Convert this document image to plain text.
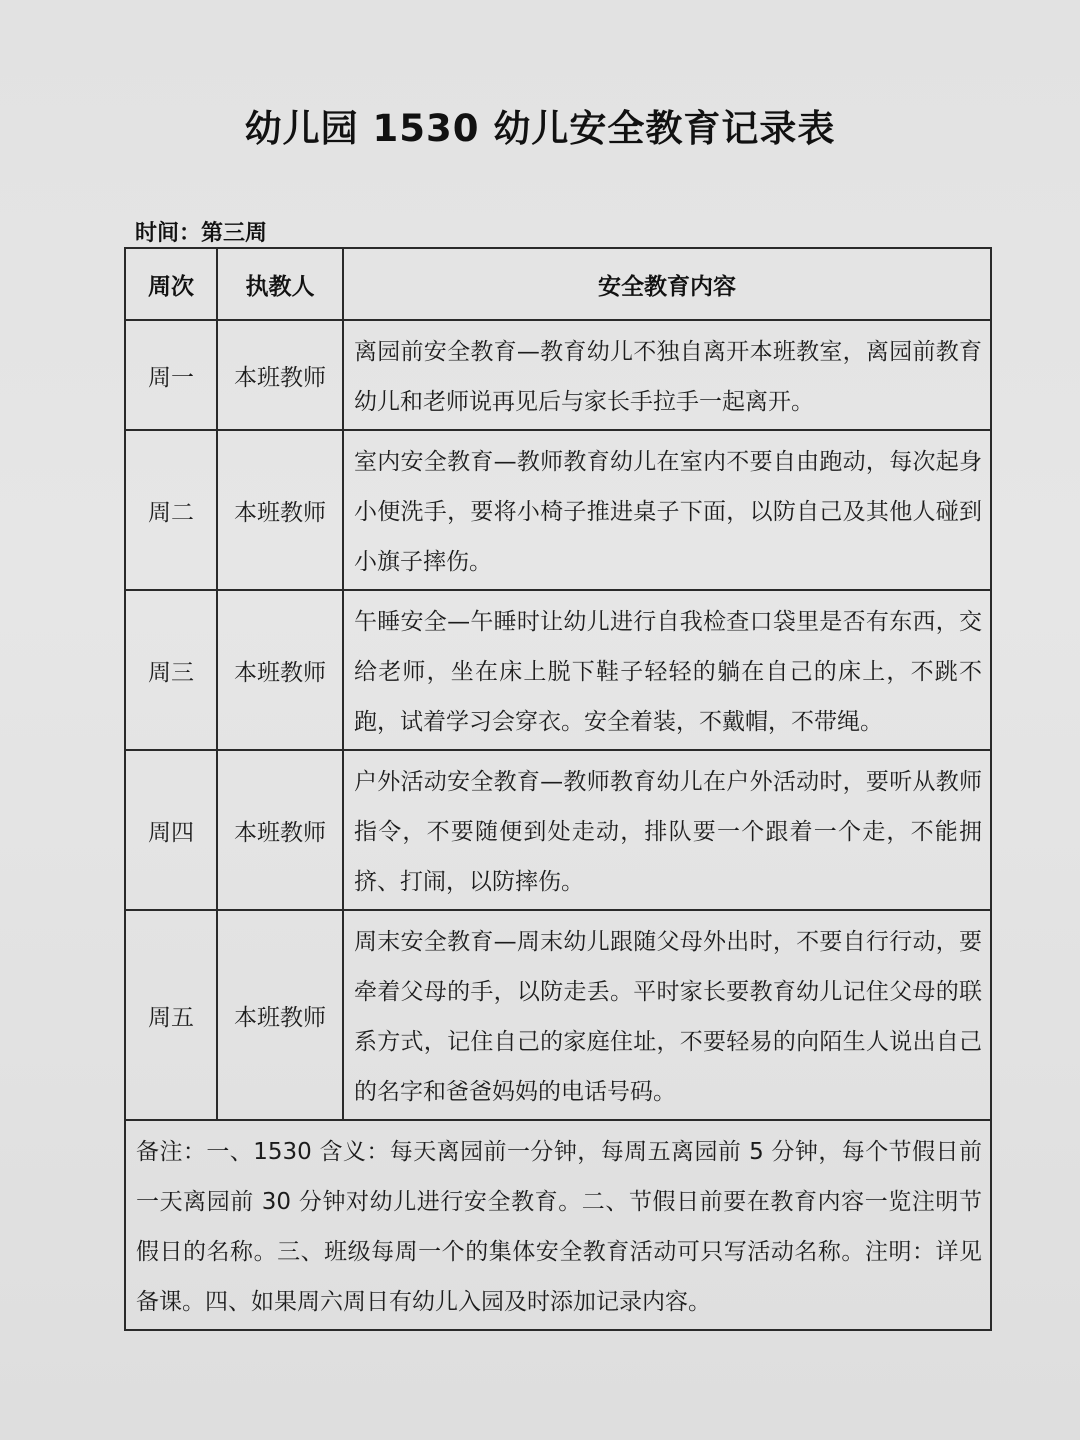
幼儿园 1530 幼儿安全教育记录表
时间：第三周
周次	执教人	安全教育内容
周一	本班教师	离园前安全教育—教育幼儿不独自离开本班教室，离园前教育幼儿和老师说再见后与家长手拉手一起离开。
周二	本班教师	室内安全教育—教师教育幼儿在室内不要自由跑动，每次起身小便洗手，要将小椅子推进桌子下面，以防自己及其他人碰到小旗子摔伤。
周三	本班教师	午睡安全—午睡时让幼儿进行自我检查口袋里是否有东西，交给老师，坐在床上脱下鞋子轻轻的躺在自己的床上，不跳不跑，试着学习会穿衣。安全着装，不戴帽，不带绳。
周四	本班教师	户外活动安全教育—教师教育幼儿在户外活动时，要听从教师指令，不要随便到处走动，排队要一个跟着一个走，不能拥挤、打闹，以防摔伤。
周五	本班教师	周末安全教育—周末幼儿跟随父母外出时，不要自行行动，要牵着父母的手，以防走丢。平时家长要教育幼儿记住父母的联系方式，记住自己的家庭住址，不要轻易的向陌生人说出自己的名字和爸爸妈妈的电话号码。
备注：一、1530 含义：每天离园前一分钟，每周五离园前 5 分钟，每个节假日前一天离园前 30 分钟对幼儿进行安全教育。二、节假日前要在教育内容一览注明节假日的名称。三、班级每周一个的集体安全教育活动可只写活动名称。注明：详见备课。四、如果周六周日有幼儿入园及时添加记录内容。		
